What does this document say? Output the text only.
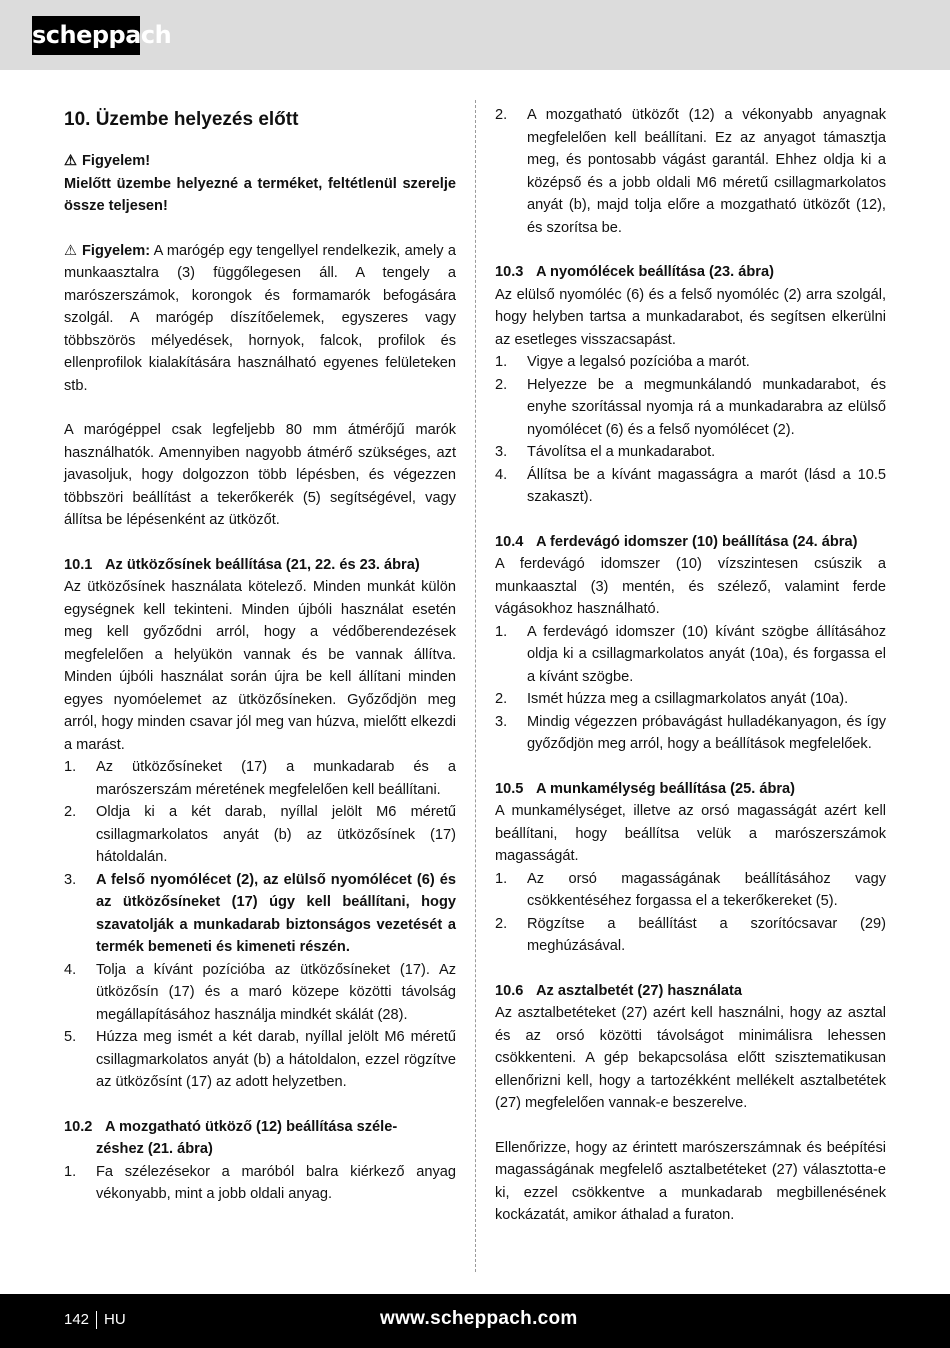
scheppach
10. Üzembe helyezés előtt

⚠ Figyelem!

Mielőtt üzembe helyezné a terméket, feltétlenül szerelje össze teljesen!

⚠ Figyelem: A marógép egy tengellyel rendelkezik, amely a munkaasztalra (3) függőlegesen áll. A tengely a marószerszámok, korongok és formamarók befogására szolgál. A marógép díszítőelemek, egyszeres vagy többszörös mélyedések, hornyok, falcok, profilok és ellenprofilok kialakítására használható egyenes felületeken stb.

A marógéppel csak legfeljebb 80 mm átmérőjű marók használhatók. Amennyiben nagyobb átmérő szükséges, azt javasoljuk, hogy dolgozzon több lépésben, és végezzen többszöri beállítást a tekerőkerék (5) segítségével, vagy állítsa be lépésenként az ütközőt.

10.1 Az ütközősínek beállítása (21, 22. és 23. ábra)

Az ütközősínek használata kötelező. Minden munkát külön egységnek kell tekinteni. Minden újbóli használat esetén meg kell győződni arról, hogy a védőberendezések megfelelően a helyükön vannak és be vannak állítva. Minden újbóli használat során újra be kell állítani minden egyes nyomóelemet az ütközősíneken. Győződjön meg arról, hogy minden csavar jól meg van húzva, mielőtt elkezdi a marást.

1. Az ütközősíneket (17) a munkadarab és a marószerszám méretének megfelelően kell beállítani.
2. Oldja ki a két darab, nyíllal jelölt M6 méretű csillagmarkolatos anyát (b) az ütközősínek (17) hátoldalán.
3. A felső nyomólécet (2), az elülső nyomólécet (6) és az ütközősíneket (17) úgy kell beállítani, hogy szavatolják a munkadarab biztonságos vezetését a termék bemeneti és kimeneti részén.
4. Tolja a kívánt pozícióba az ütközősíneket (17). Az ütközősín (17) és a maró közepe közötti távolság megállapításához használja mindkét skálát (28).
5. Húzza meg ismét a két darab, nyíllal jelölt M6 méretű csillagmarkolatos anyát (b) a hátoldalon, ezzel rögzítve az ütközősínt (17) az adott helyzetben.

10.2 A mozgatható ütköző (12) beállítása széle-

zéshez (21. ábra)

1. Fa szélezésekor a maróból balra kiérkező anyag vékonyabb, mint a jobb oldali anyag.
2. A mozgatható ütközőt (12) a vékonyabb anyagnak megfelelően kell beállítani. Ez az anyagot támasztja meg, és pontosabb vágást garantál. Ehhez oldja ki a középső és a jobb oldali M6 méretű csillagmarkolatos anyát (b), majd tolja előre a mozgatható ütközőt (12), és szorítsa be.

10.3 A nyomólécek beállítása (23. ábra)

Az elülső nyomóléc (6) és a felső nyomóléc (2) arra szolgál, hogy helyben tartsa a munkadarabot, és segítsen elkerülni az esetleges visszacsapást.

1. Vigye a legalsó pozícióba a marót.
2. Helyezze be a megmunkálandó munkadarabot, és enyhe szorítással nyomja rá a munkadarabra az elülső nyomólécet (6) és a felső nyomólécet (2).
3. Távolítsa el a munkadarabot.
4. Állítsa be a kívánt magasságra a marót (lásd a 10.5 szakaszt).

10.4 A ferdevágó idomszer (10) beállítása (24. ábra)

A ferdevágó idomszer (10) vízszintesen csúszik a munkaasztal (3) mentén, és szélező, valamint ferde vágásokhoz használható.

1. A ferdevágó idomszer (10) kívánt szögbe állításához oldja ki a csillagmarkolatos anyát (10a), és forgassa el a kívánt szögbe.
2. Ismét húzza meg a csillagmarkolatos anyát (10a).
3. Mindig végezzen próbavágást hulladékanyagon, és így győződjön meg arról, hogy a beállítások megfelelőek.

10.5 A munkamélység beállítása (25. ábra)

A munkamélységet, illetve az orsó magasságát azért kell beállítani, hogy beállítsa velük a marószerszámok magasságát.

1. Az orsó magasságának beállításához vagy csökkentéséhez forgassa el a tekerőkereket (5).
2. Rögzítse a beállítást a szorítócsavar (29) meghúzásával.

10.6 Az asztalbetét (27) használata

Az asztalbetéteket (27) azért kell használni, hogy az asztal és az orsó közötti távolságot minimálisra lehessen csökkenteni. A gép bekapcsolása előtt szisztematikusan ellenőrizni kell, hogy a tartozékként mellékelt asztalbetétek (27) megfelelően vannak-e beszerelve.

Ellenőrizze, hogy az érintett marószerszámnak és beépítési magasságának megfelelő asztalbetéteket (27) választotta-e ki, ezzel csökkentve a munkadarab megbillenésének kockázatát, amikor áthalad a furaton.

142 HU	www.scheppach.com
